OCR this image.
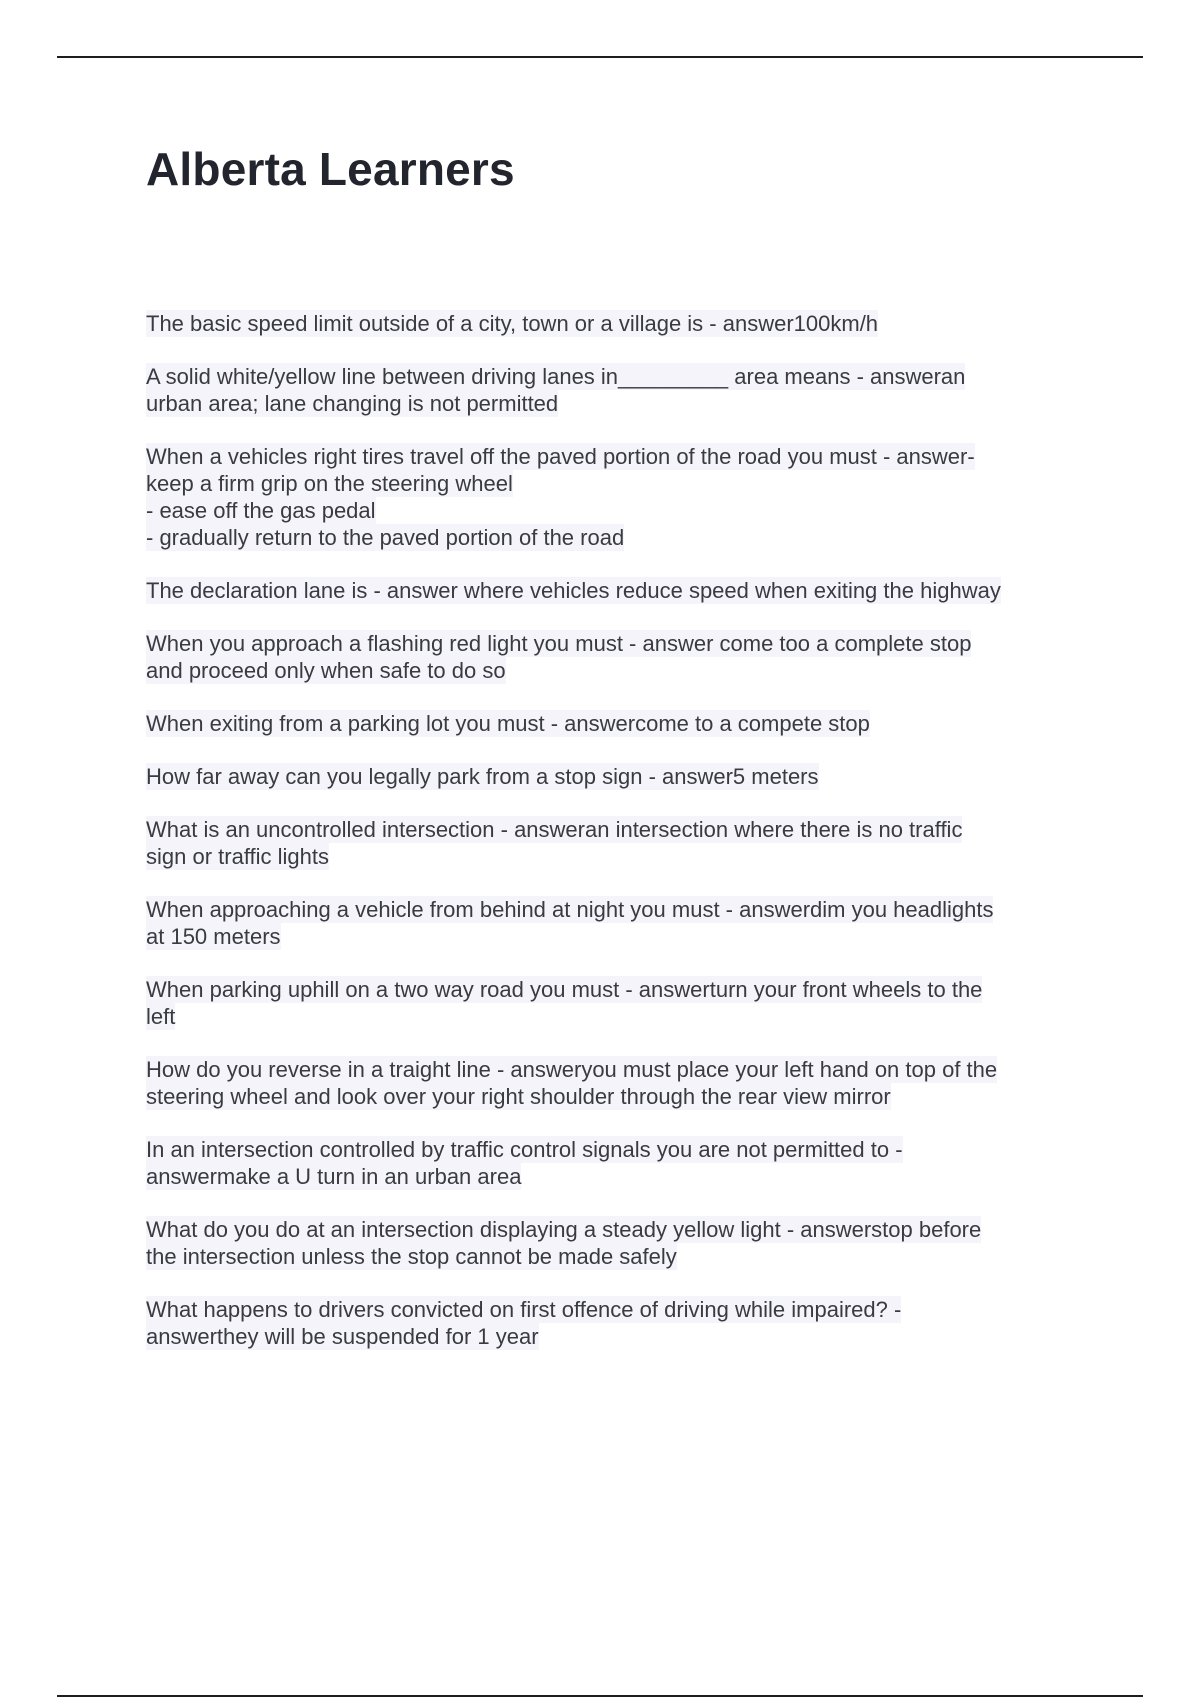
Alberta Learners
The basic speed limit outside of a city, town or a village is - answer100km/h
A solid white/yellow line between driving lanes in_________ area means - answeran
urban area; lane changing is not permitted
When a vehicles right tires travel off the paved portion of the road you must - answer-
keep a firm grip on the steering wheel
- ease off the gas pedal
- gradually return to the paved portion of the road
The declaration lane is - answer where vehicles reduce speed when exiting the highway
When you approach a flashing red light you must - answer come too a complete stop
and proceed only when safe to do so
When exiting from a parking lot you must - answercome to a compete stop
How far away can you legally park from a stop sign - answer5 meters
What is an uncontrolled intersection - answeran intersection where there is no traffic
sign or traffic lights
When approaching a vehicle from behind at night you must - answerdim you headlights
at 150 meters
When parking uphill on a two way road you must - answerturn your front wheels to the
left
How do you reverse in a traight line - answeryou must place your left hand on top of the
steering wheel and look over your right shoulder through the rear view mirror
In an intersection controlled by traffic control signals you are not permitted to -
answermake a U turn in an urban area
What do you do at an intersection displaying a steady yellow light - answerstop before
the intersection unless the stop cannot be made safely
What happens to drivers convicted on first offence of driving while impaired? -
answerthey will be suspended for 1 year
